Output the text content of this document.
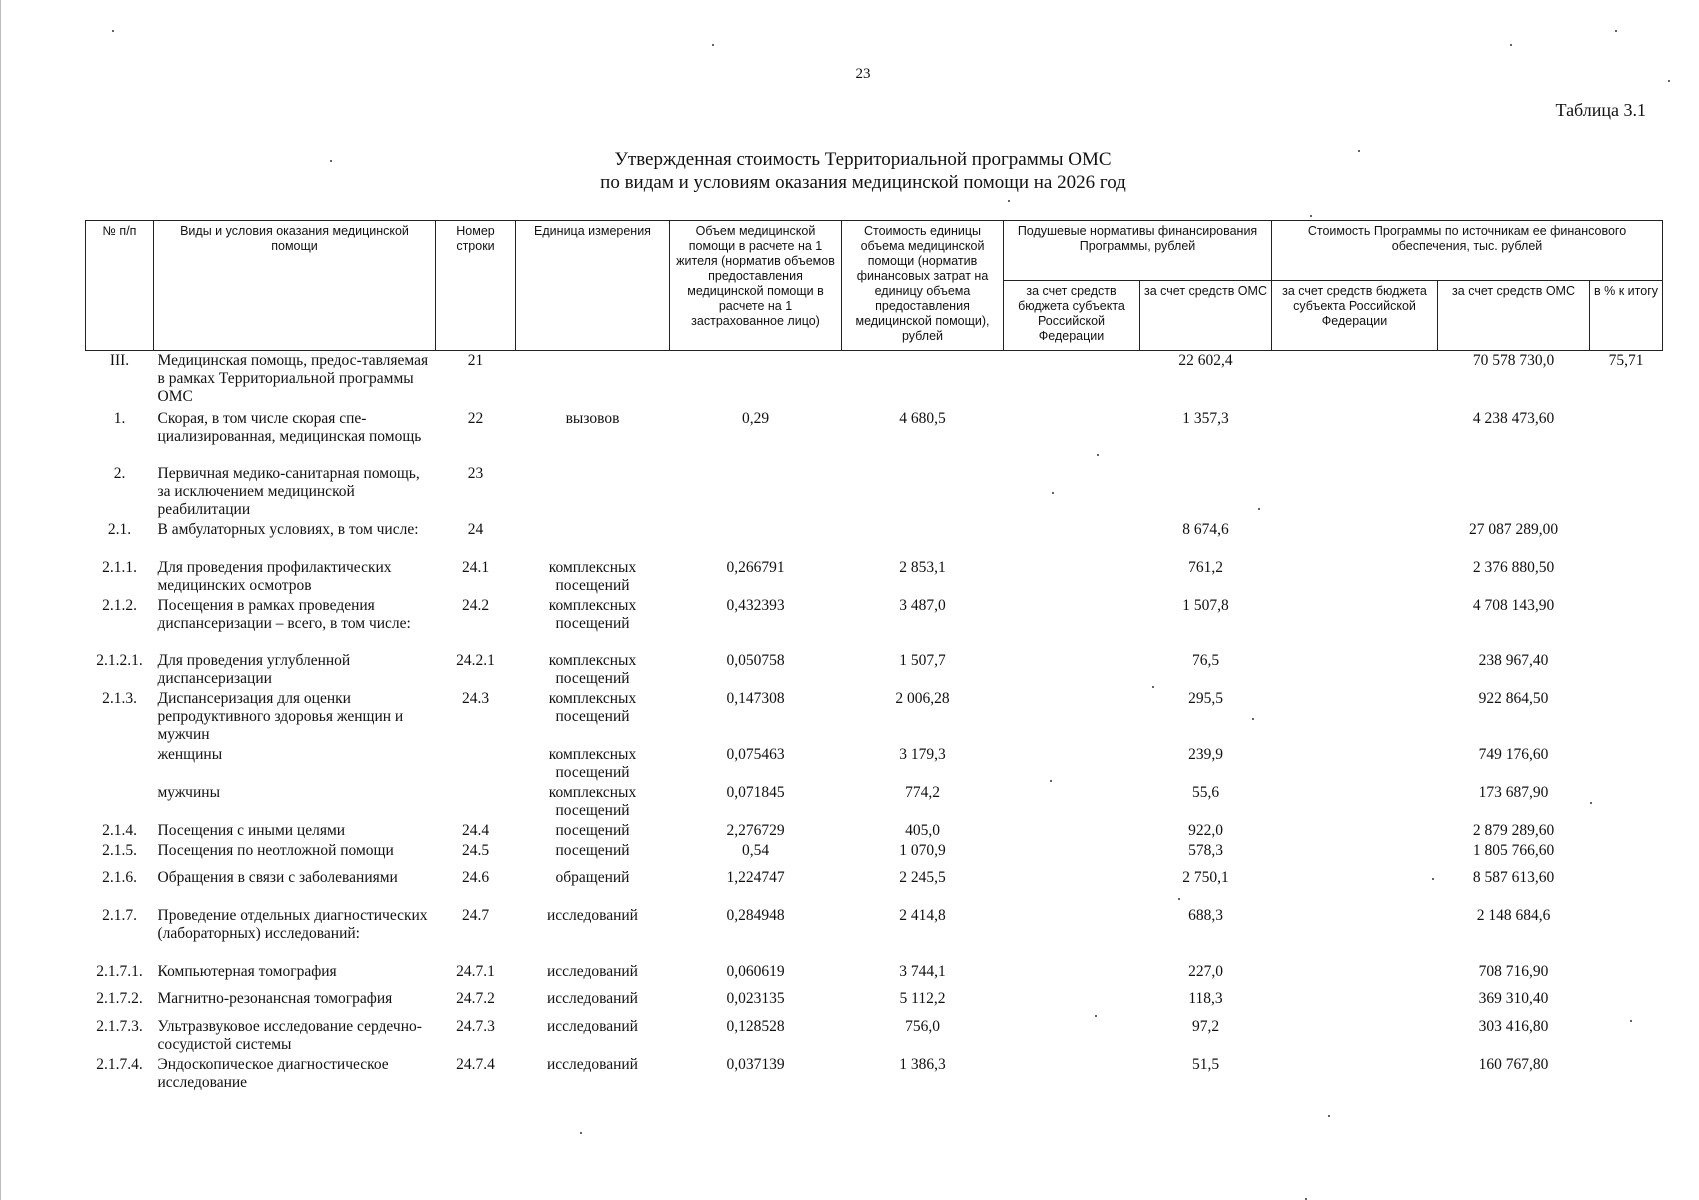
23
Таблица 3.1
Утвержденная стоимость Территориальной программы ОМС
по видам и условиям оказания медицинской помощи на 2026 год
№ п/п	Виды и условия оказания медицинской помощи	Номер строки	Единица измерения	Объем медицинской помощи в расчете на 1 жителя (норматив объемов предоставления медицинской помощи в расчете на 1 застрахованное лицо)	Стоимость единицы объема медицинской помощи (норматив финансовых затрат на единицу объема предоставления медицинской помощи), рублей	Подушевые нормативы финансирования Программы, рублей		Стоимость Программы по источникам ее финансового обеспечения, тыс. рублей		
						за счет средств бюджета субъекта Российской Федерации	за счет средств ОМС	за счет средств бюджета субъекта Российской Федерации	за счет средств ОМС	в % к итогу
III.	Медицинская помощь, предос-тавляемая в рамках Территориальной программы ОМС	21					22 602,4		70 578 730,0	75,71
1.	Скорая, в том числе скорая спе-циализированная, медицинская помощь	22	вызовов	0,29	4 680,5		1 357,3		4 238 473,60	
2.	Первичная медико-санитарная помощь, за исключением медицинской реабилитации	23								
2.1.	В амбулаторных условиях, в том числе:	24					8 674,6		27 087 289,00	
2.1.1.	Для проведения профилактических медицинских осмотров	24.1	комплексных посещений	0,266791	2 853,1		761,2		2 376 880,50	
2.1.2.	Посещения в рамках проведения диспансеризации – всего, в том числе:	24.2	комплексных посещений	0,432393	3 487,0		1 507,8		4 708 143,90	
2.1.2.1.	Для проведения углубленной диспансеризации	24.2.1	комплексных посещений	0,050758	1 507,7		76,5		238 967,40	
2.1.3.	Диспансеризация для оценки репродуктивного здоровья женщин и мужчин	24.3	комплексных посещений	0,147308	2 006,28		295,5		922 864,50	
	женщины		комплексных посещений	0,075463	3 179,3		239,9		749 176,60	
	мужчины		комплексных посещений	0,071845	774,2		55,6		173 687,90	
2.1.4.	Посещения с иными целями	24.4	посещений	2,276729	405,0		922,0		2 879 289,60	
2.1.5.	Посещения по неотложной помощи	24.5	посещений	0,54	1 070,9		578,3		1 805 766,60	
2.1.6.	Обращения в связи с заболеваниями	24.6	обращений	1,224747	2 245,5		2 750,1		8 587 613,60	
2.1.7.	Проведение отдельных диагностических (лабораторных) исследований:	24.7	исследований	0,284948	2 414,8		688,3		2 148 684,6	
2.1.7.1.	Компьютерная томография	24.7.1	исследований	0,060619	3 744,1		227,0		708 716,90	
2.1.7.2.	Магнитно-резонансная томография	24.7.2	исследований	0,023135	5 112,2		118,3		369 310,40	
2.1.7.3.	Ультразвуковое исследование сердечно-сосудистой системы	24.7.3	исследований	0,128528	756,0		97,2		303 416,80	
2.1.7.4.	Эндоскопическое диагностическое исследование	24.7.4	исследований	0,037139	1 386,3		51,5		160 767,80	
